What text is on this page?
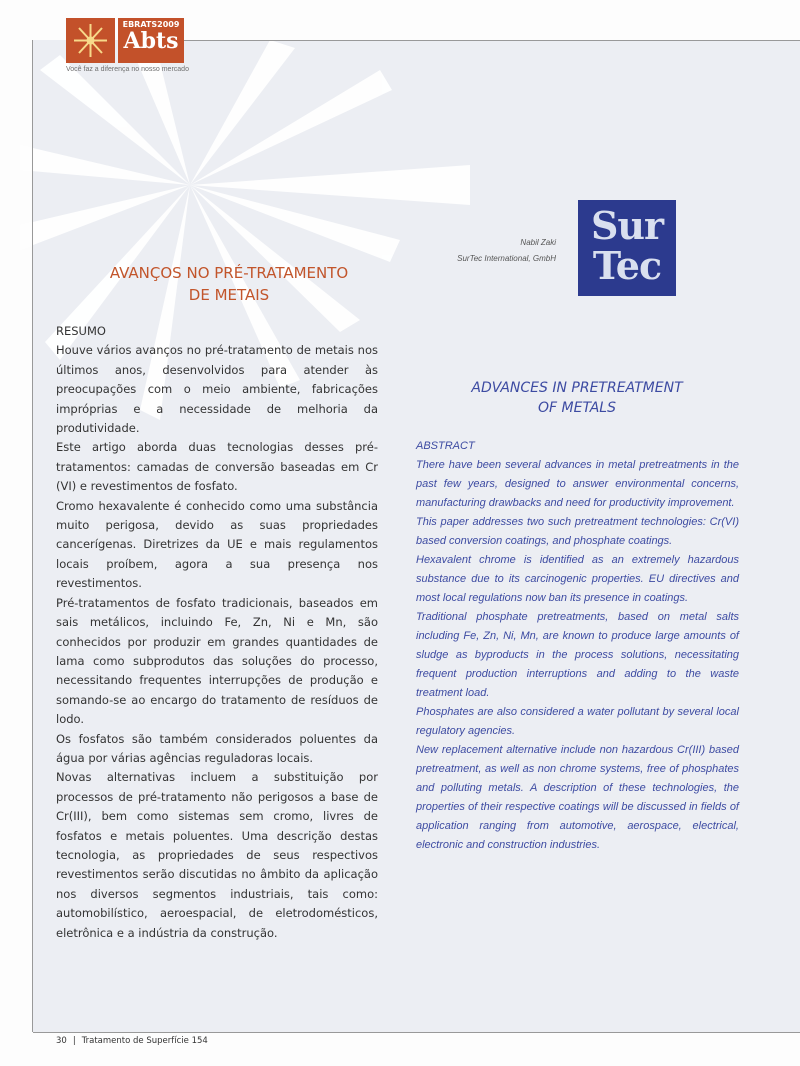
EBRATS2009
Abts
Você faz a diferença no nosso mercado
Nabil Zaki
SurTec International, GmbH
Sur
Tec
AVANÇOS NO PRÉ-TRATAMENTO
DE METAIS
RESUMO

Houve vários avanços no pré-tratamento de metais nos últimos anos, desenvolvidos para atender às preocupações com o meio ambiente, fabricações impróprias e a necessidade de melhoria da produtividade.

Este artigo aborda duas tecnologias desses pré-tratamentos: camadas de conversão baseadas em Cr (VI) e revestimentos de fosfato.

Cromo hexavalente é conhecido como uma substância muito perigosa, devido as suas propriedades cancerígenas. Diretrizes da UE e mais regulamentos locais proíbem, agora a sua presença nos revestimentos.

Pré-tratamentos de fosfato tradicionais, baseados em sais metálicos, incluindo Fe, Zn, Ni e Mn, são conhecidos por produzir em grandes quantidades de lama como subprodutos das soluções do processo, necessitando frequentes interrupções de produção e somando-se ao encargo do tratamento de resíduos de lodo.

Os fosfatos são também considerados poluentes da água por várias agências reguladoras locais.

Novas alternativas incluem a substituição por processos de pré-tratamento não perigosos a base de Cr(III), bem como sistemas sem cromo, livres de fosfatos e metais poluentes. Uma descrição destas tecnologia, as propriedades de seus respectivos revestimentos serão discutidas no âmbito da aplicação nos diversos segmentos industriais, tais como: automobilístico, aeroespacial, de eletrodomésticos, eletrônica e a indústria da construção.

ADVANCES IN PRETREATMENT
OF METALS
ABSTRACT

There have been several advances in metal pretreatments in the past few years, designed to answer environmental concerns, manufacturing drawbacks and need for productivity improvement.

This paper addresses two such pretreatment technologies: Cr(VI) based conversion coatings, and phosphate coatings.

Hexavalent chrome is identified as an extremely hazardous substance due to its carcinogenic properties. EU directives and most local regulations now ban its presence in coatings.

Traditional phosphate pretreatments, based on metal salts including Fe, Zn, Ni, Mn, are known to produce large amounts of sludge as byproducts in the process solutions, necessitating frequent production interruptions and adding to the waste treatment load.

Phosphates are also considered a water pollutant by several local regulatory agencies.

New replacement alternative include non hazardous Cr(III) based pretreatment, as well as non chrome systems, free of phosphates and polluting metals. A description of these technologies, the properties of their respective coatings will be discussed in fields of application ranging from automotive, aerospace, electrical, electronic and construction industries.

30 | Tratamento de Superfície 154
